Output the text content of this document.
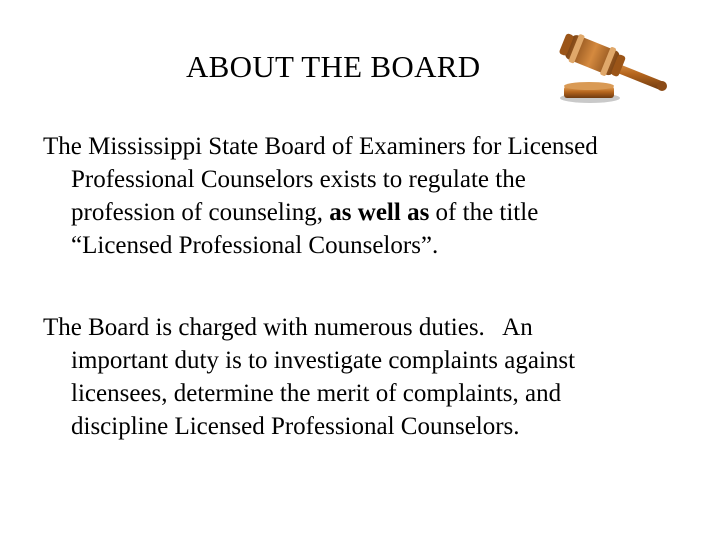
ABOUT THE BOARD

The Mississippi State Board of Examiners for Licensed
Professional Counselors exists to regulate the
profession of counseling, as well as of the title
“Licensed Professional Counselors”.

The Board is charged with numerous duties.   An
important duty is to investigate complaints against
licensees, determine the merit of complaints, and
discipline Licensed Professional Counselors.
